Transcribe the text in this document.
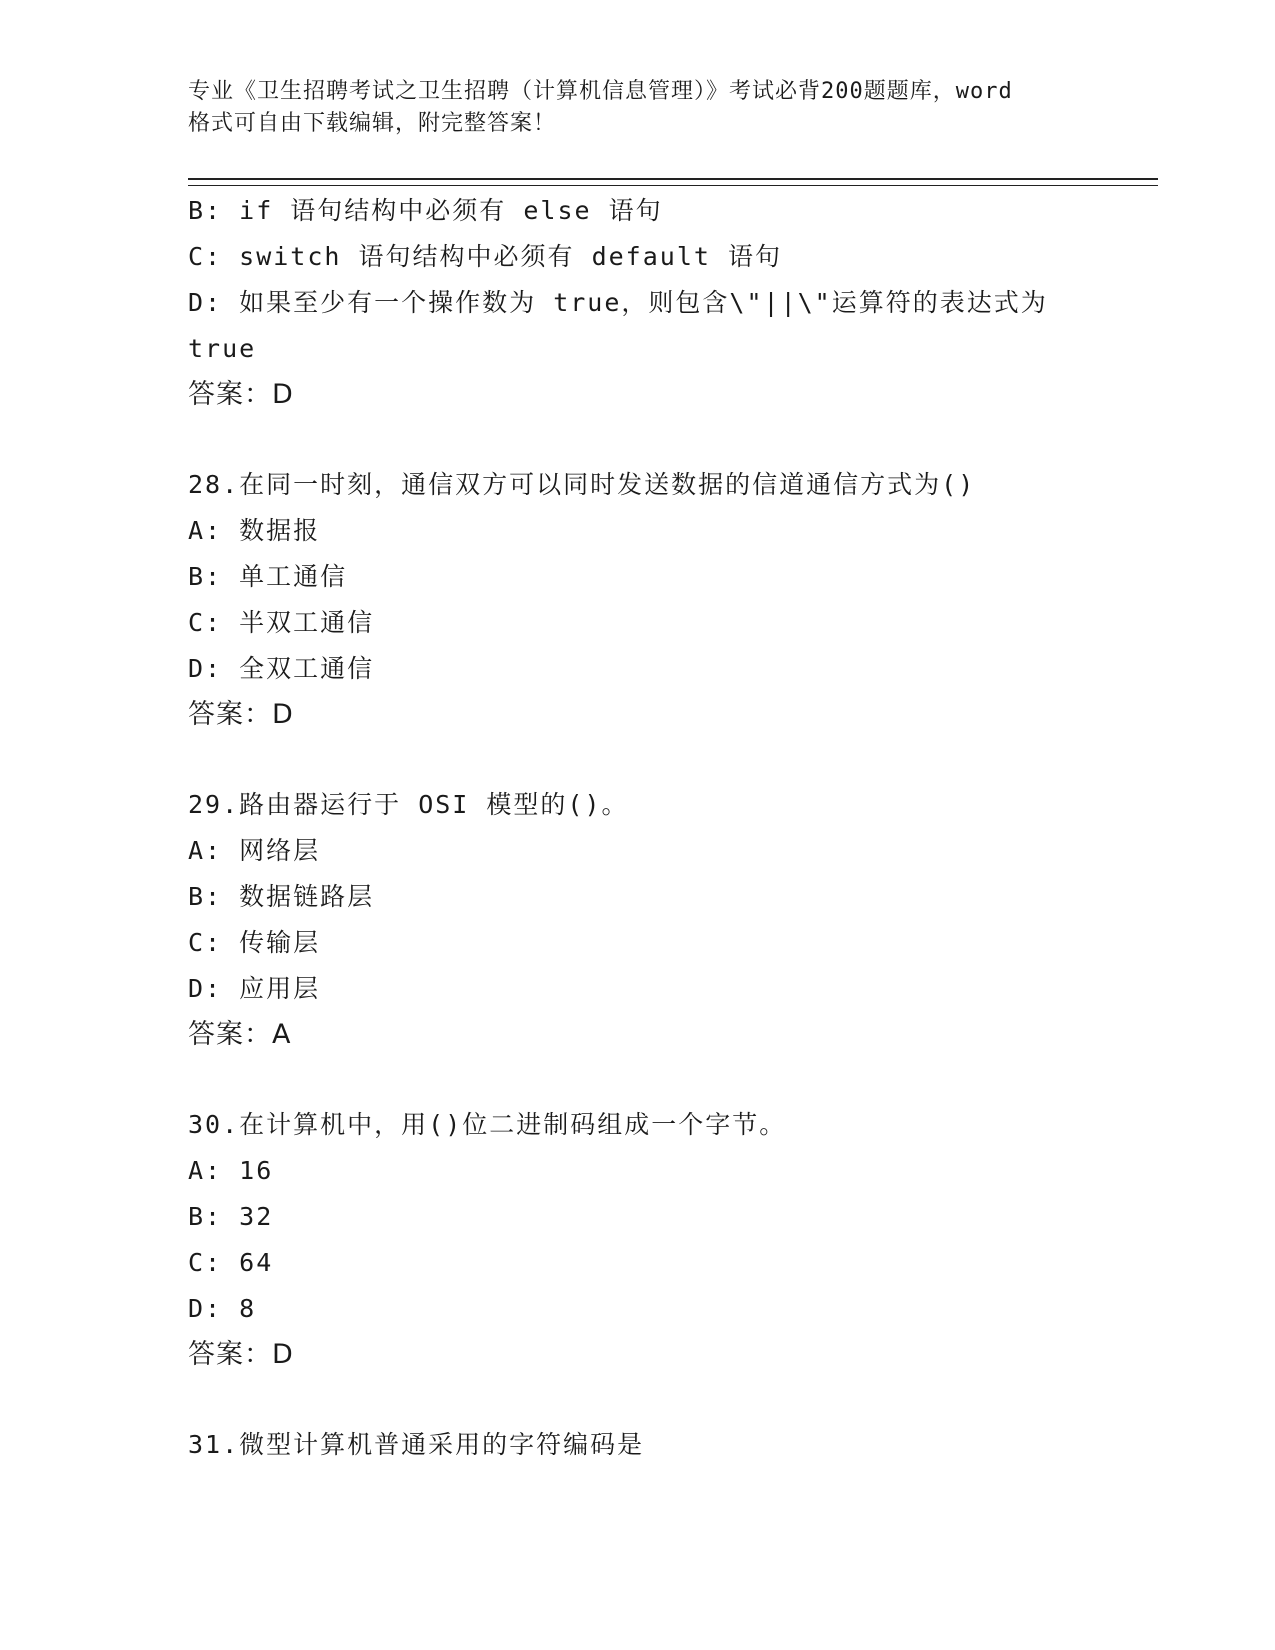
专业《卫生招聘考试之卫生招聘（计算机信息管理）》考试必背200题题库，word
格式可自由下载编辑，附完整答案！
B: if 语句结构中必须有 else 语句
C: switch 语句结构中必须有 default 语句
D: 如果至少有一个操作数为 true，则包含\"||\"运算符的表达式为
true
答案：D
28.在同一时刻，通信双方可以同时发送数据的信道通信方式为()
A: 数据报
B: 单工通信
C: 半双工通信
D: 全双工通信
答案：D
29.路由器运行于 OSI 模型的()。
A: 网络层
B: 数据链路层
C: 传输层
D: 应用层
答案：A
30.在计算机中，用()位二进制码组成一个字节。
A: 16
B: 32
C: 64
D: 8
答案：D
31.微型计算机普通采用的字符编码是
